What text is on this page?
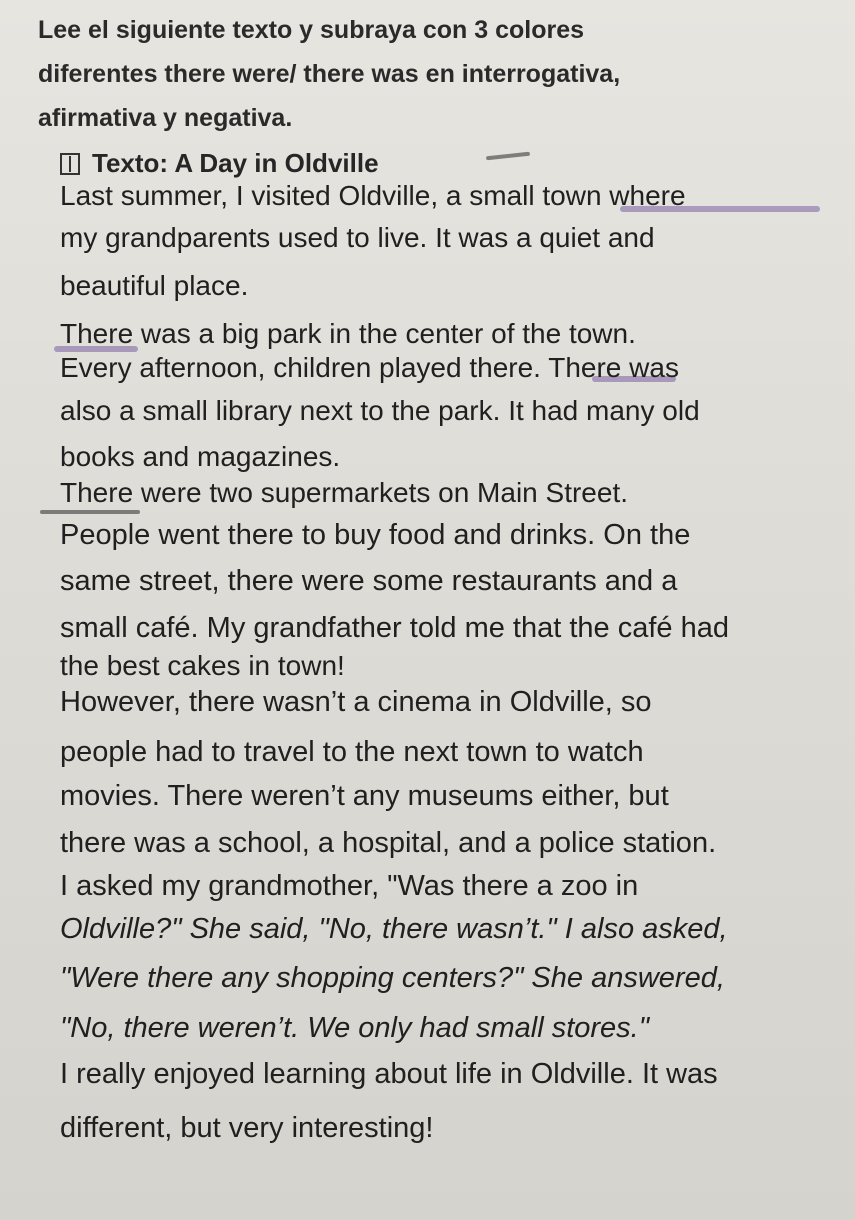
Lee el siguiente texto y subraya con 3 colores
diferentes there were/ there was en interrogativa,
afirmativa y negativa.
Texto: A Day in Oldville
Last summer, I visited Oldville, a small town where
my grandparents used to live. It was a quiet and
beautiful place.
There was a big park in the center of the town.
Every afternoon, children played there. There was
also a small library next to the park. It had many old
books and magazines.
There were two supermarkets on Main Street.
People went there to buy food and drinks. On the
same street, there were some restaurants and a
small café. My grandfather told me that the café had
the best cakes in town!
However, there wasn’t a cinema in Oldville, so
people had to travel to the next town to watch
movies. There weren’t any museums either, but
there was a school, a hospital, and a police station.
I asked my grandmother, "Was there a zoo in
Oldville?" She said, "No, there wasn’t." I also asked,
"Were there any shopping centers?" She answered,
"No, there weren’t. We only had small stores."
I really enjoyed learning about life in Oldville. It was
different, but very interesting!
